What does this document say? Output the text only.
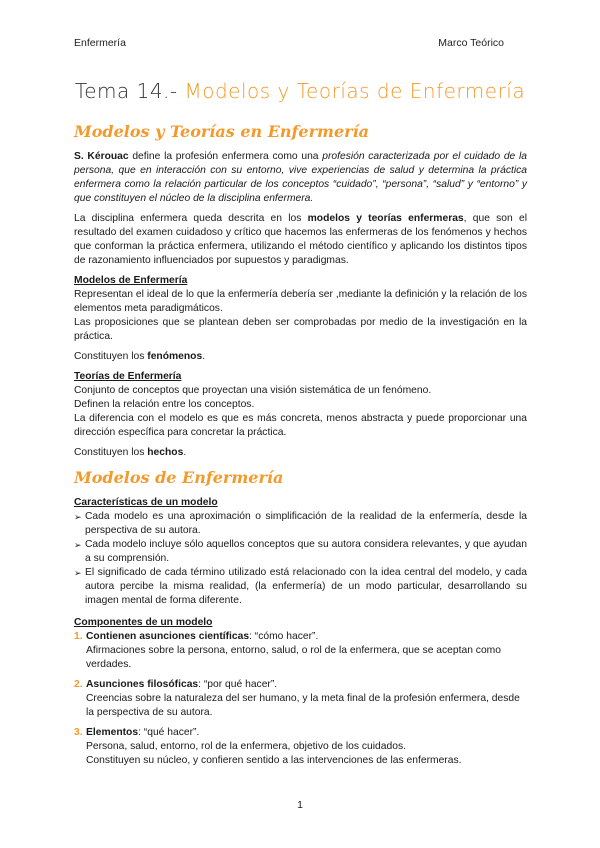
Enfermería	Marco Teórico
Tema 14.- Modelos y Teorías de Enfermería
Modelos y Teorías en Enfermería

S. Kérouac define la profesión enfermera como una profesión caracterizada por el cuidado de la persona, que en interacción con su entorno, vive experiencias de salud y determina la práctica enfermera como la relación particular de los conceptos “cuidado”, “persona”, “salud” y “entorno” y que constituyen el núcleo de la disciplina enfermera.

La disciplina enfermera queda descrita en los modelos y teorías enfermeras, que son el resultado del examen cuidadoso y crítico que hacemos las enfermeras de los fenómenos y hechos que conforman la práctica enfermera, utilizando el método científico y aplicando los distintos tipos de razonamiento influenciados por supuestos y paradigmas.

Modelos de Enfermería

Representan el ideal de lo que la enfermería debería ser ,mediante la definición y la relación de los elementos meta paradigmáticos.

Las proposiciones que se plantean deben ser comprobadas por medio de la investigación en la práctica.

Constituyen los fenómenos.

Teorías de Enfermería

Conjunto de conceptos que proyectan una visión sistemática de un fenómeno.

Definen la relación entre los conceptos.

La diferencia con el modelo es que es más concreta, menos abstracta y puede proporcionar una dirección específica para concretar la práctica.

Constituyen los hechos.

Modelos de Enfermería
Características de un modelo
➢ Cada modelo es una aproximación o simplificación de la realidad de la enfermería, desde la perspectiva de su autora.
➢ Cada modelo incluye sólo aquellos conceptos que su autora considera relevantes, y que ayudan a su comprensión.
➢ El significado de cada término utilizado está relacionado con la idea central del modelo, y cada autora percibe la misma realidad, (la enfermería) de un modo particular, desarrollando su imagen mental de forma diferente.
Componentes de un modelo
1. Contienen asunciones científicas: “cómo hacer”.
Afirmaciones sobre la persona, entorno, salud, o rol de la enfermera, que se aceptan como verdades.
2. Asunciones filosóficas: “por qué hacer”.
Creencias sobre la naturaleza del ser humano, y la meta final de la profesión enfermera, desde la perspectiva de su autora.
3. Elementos: “qué hacer”.
Persona, salud, entorno, rol de la enfermera, objetivo de los cuidados.
Constituyen su núcleo, y confieren sentido a las intervenciones de las enfermeras.
1
